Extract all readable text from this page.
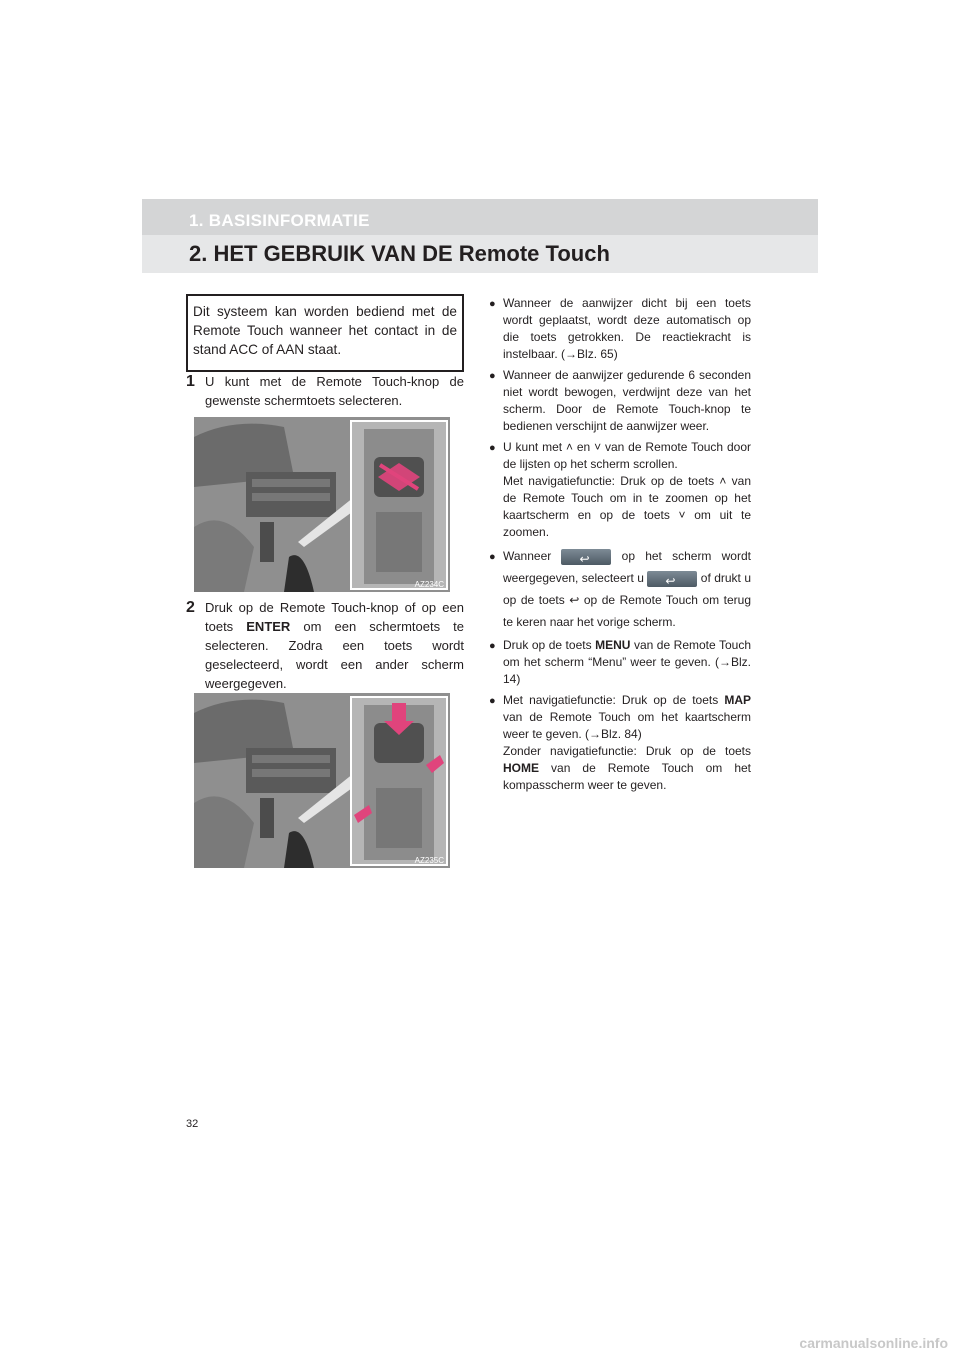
1. BASISINFORMATIE
2. HET GEBRUIK VAN DE Remote Touch
Dit systeem kan worden bediend met de Remote Touch wanneer het contact in de stand ACC of AAN staat.
1 U kunt met de Remote Touch-knop de gewenste schermtoets selecteren.
AZ234C
2 Druk op de Remote Touch-knop of op een toets ENTER om een schermtoets te selecteren. Zodra een toets wordt geselecteerd, wordt een ander scherm weergegeven.
AZ235C
● Wanneer de aanwijzer dicht bij een toets wordt geplaatst, wordt deze automatisch op die toets getrokken. De reactiekracht is instelbaar. (→Blz. 65)
● Wanneer de aanwijzer gedurende 6 seconden niet wordt bewogen, verdwijnt deze van het scherm. Door de Remote Touch-knop te bedienen verschijnt de aanwijzer weer.
● U kunt met ˄ en ˅ van de Remote Touch door de lijsten op het scherm scrollen.
Met navigatiefunctie: Druk op de toets ˄ van de Remote Touch om in te zoomen op het kaartscherm en op de toets ˅ om uit te zoomen.
● Wanneer ↩	op het scherm wordt weergegeven, selecteert u ↩	of drukt u op de toets ↩ op de Remote Touch om terug te keren naar het vorige scherm.
● Druk op de toets MENU van de Remote Touch om het scherm “Menu” weer te geven. (→Blz. 14)
● Met navigatiefunctie: Druk op de toets MAP van de Remote Touch om het kaartscherm weer te geven. (→Blz. 84)
Zonder navigatiefunctie: Druk op de toets HOME van de Remote Touch om het kompasscherm weer te geven.
32
carmanualsonline.info
